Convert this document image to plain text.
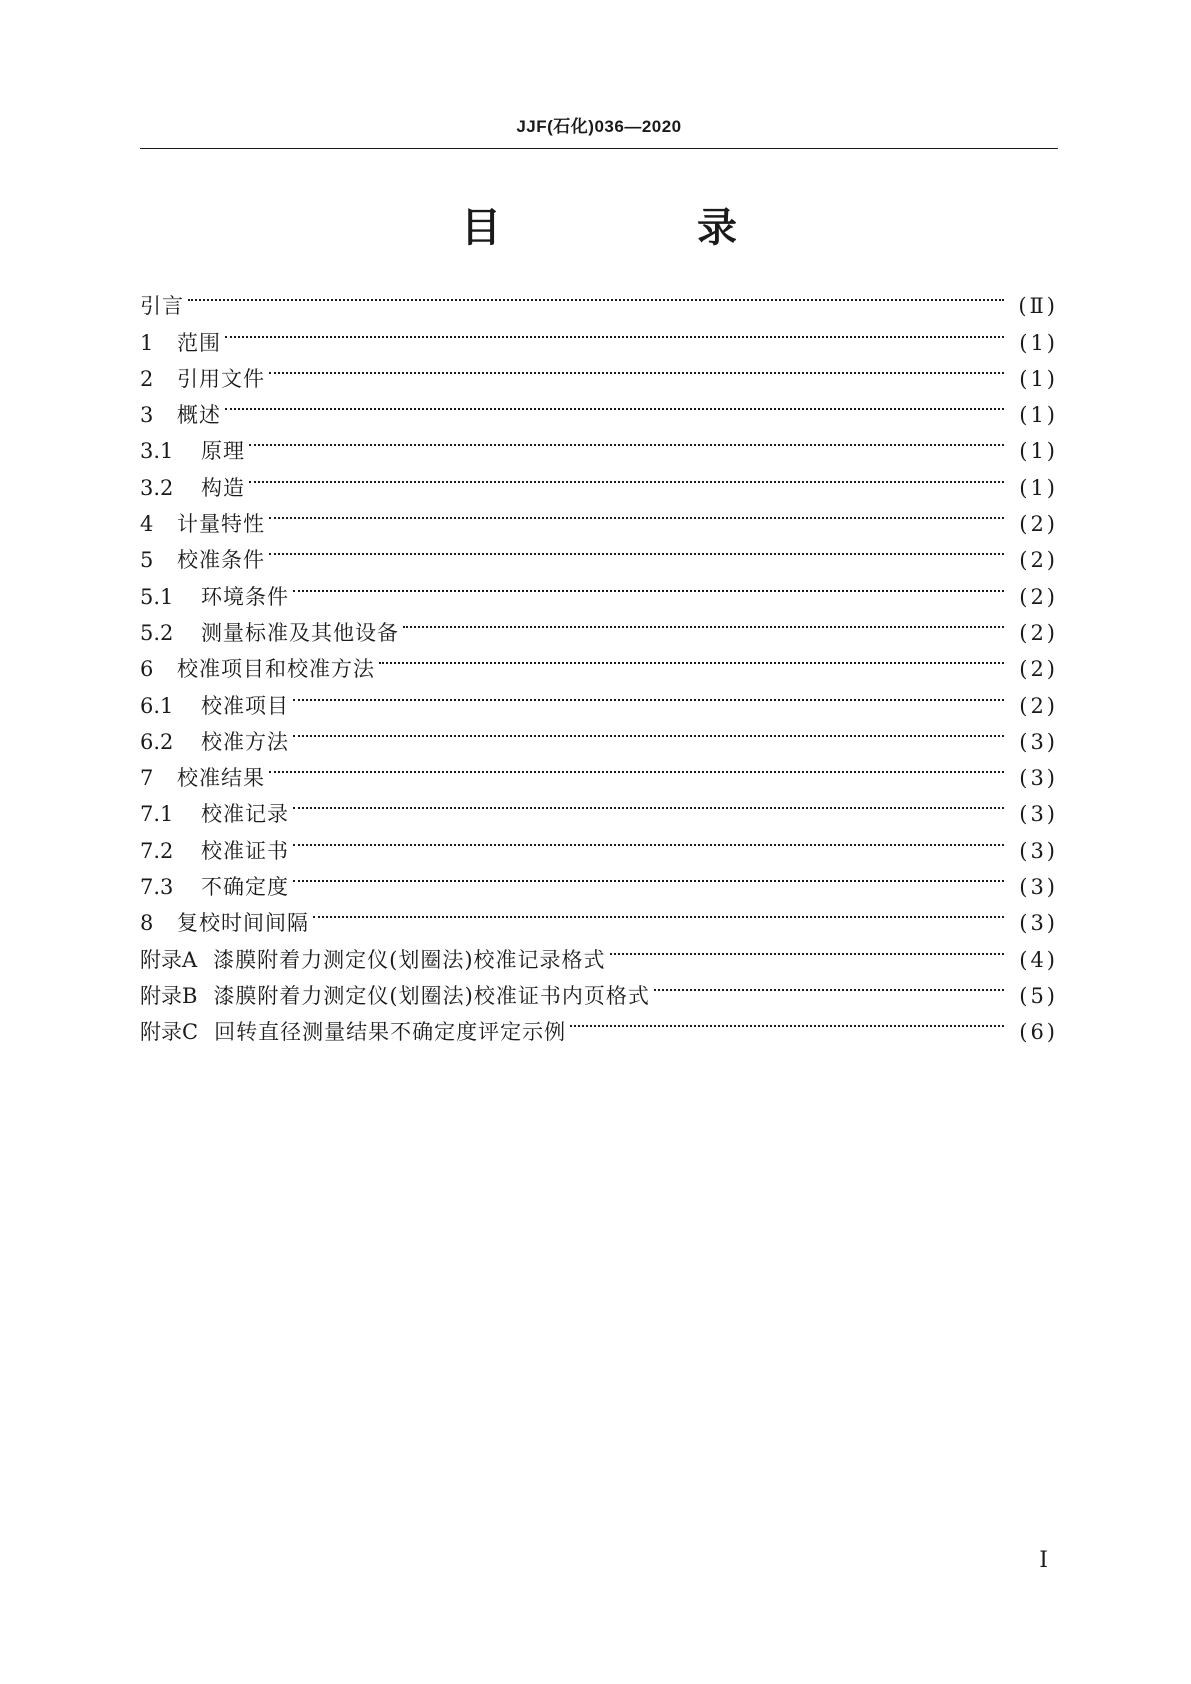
JJF(石化)036—2020
目　录
引言	(Ⅱ)
1	范围	(1)
2	引用文件	(1)
3	概述	(1)
3.1	原理	(1)
3.2	构造	(1)
4	计量特性	(2)
5	校准条件	(2)
5.1	环境条件	(2)
5.2	测量标准及其他设备	(2)
6	校准项目和校准方法	(2)
6.1	校准项目	(2)
6.2	校准方法	(3)
7	校准结果	(3)
7.1	校准记录	(3)
7.2	校准证书	(3)
7.3	不确定度	(3)
8	复校时间间隔	(3)
附录A 漆膜附着力测定仪(划圈法)校准记录格式	(4)
附录B 漆膜附着力测定仪(划圈法)校准证书内页格式	(5)
附录C 回转直径测量结果不确定度评定示例	(6)
Ⅰ
